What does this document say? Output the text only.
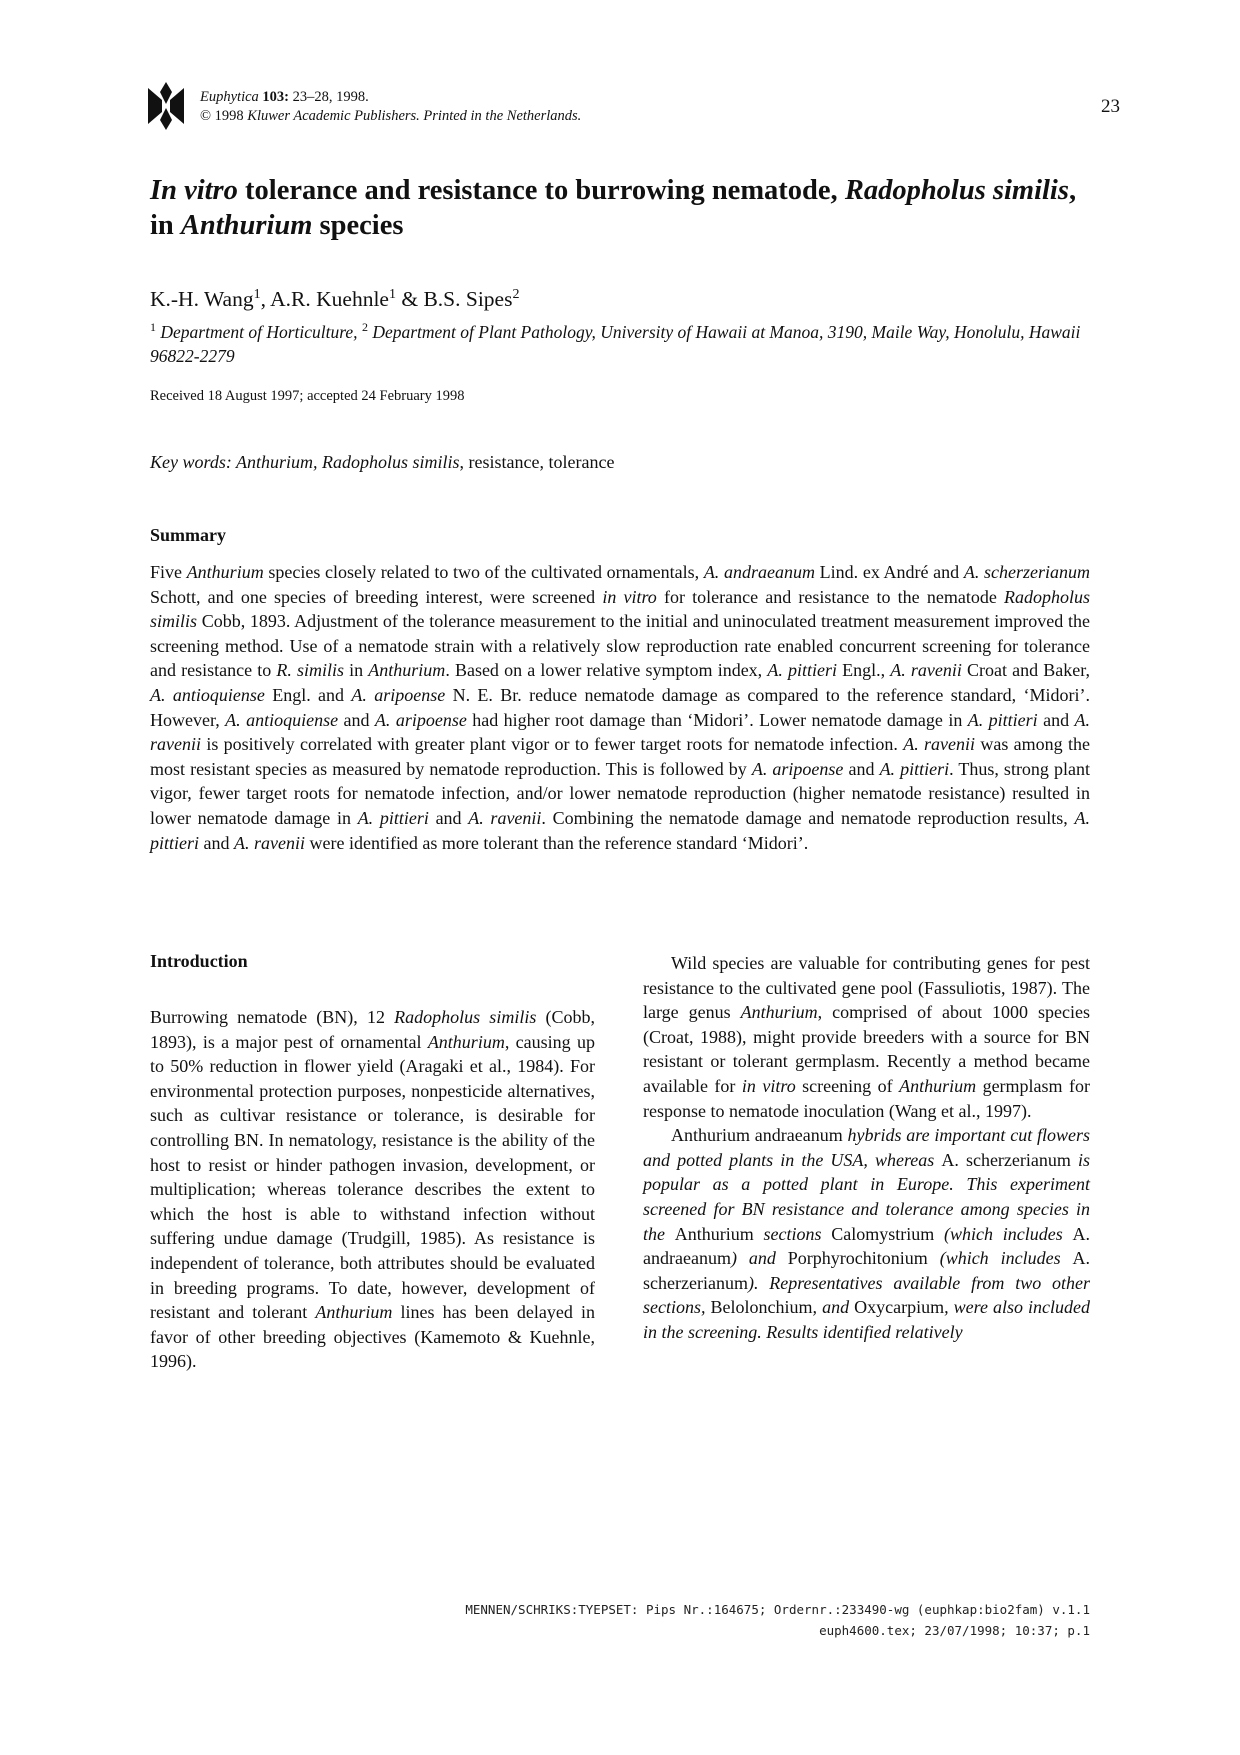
Euphytica 103: 23–28, 1998.
© 1998 Kluwer Academic Publishers. Printed in the Netherlands.	23
In vitro tolerance and resistance to burrowing nematode, Radopholus similis, in Anthurium species
K.-H. Wang$^1$, A.R. Kuehnle$^1$ & B.S. Sipes$^2$
$^1$ Department of Horticulture, $^2$ Department of Plant Pathology, University of Hawaii at Manoa, 3190, Maile Way, Honolulu, Hawaii 96822-2279
Received 18 August 1997; accepted 24 February 1998
Key words: Anthurium, Radopholus similis, resistance, tolerance
Summary

Five Anthurium species closely related to two of the cultivated ornamentals, A. andraeanum Lind. ex André and A. scherzerianum Schott, and one species of breeding interest, were screened in vitro for tolerance and resistance to the nematode Radopholus similis Cobb, 1893. Adjustment of the tolerance measurement to the initial and uninoculated treatment measurement improved the screening method. Use of a nematode strain with a relatively slow reproduction rate enabled concurrent screening for tolerance and resistance to R. similis in Anthurium. Based on a lower relative symptom index, A. pittieri Engl., A. ravenii Croat and Baker, A. antioquiense Engl. and A. aripoense N. E. Br. reduce nematode damage as compared to the reference standard, ‘Midori’. However, A. antioquiense and A. aripoense had higher root damage than ‘Midori’. Lower nematode damage in A. pittieri and A. ravenii is positively correlated with greater plant vigor or to fewer target roots for nematode infection. A. ravenii was among the most resistant species as measured by nematode reproduction. This is followed by A. aripoense and A. pittieri. Thus, strong plant vigor, fewer target roots for nematode infection, and/or lower nematode reproduction (higher nematode resistance) resulted in lower nematode damage in A. pittieri and A. ravenii. Combining the nematode damage and nematode reproduction results, A. pittieri and A. ravenii were identified as more tolerant than the reference standard ‘Midori’.

Introduction

Burrowing nematode (BN), 12 Radopholus similis (Cobb, 1893), is a major pest of ornamental Anthurium, causing up to 50% reduction in flower yield (Aragaki et al., 1984). For environmental protection purposes, nonpesticide alternatives, such as cultivar resistance or tolerance, is desirable for controlling BN. In nematology, resistance is the ability of the host to resist or hinder pathogen invasion, development, or multiplication; whereas tolerance describes the extent to which the host is able to withstand infection without suffering undue damage (Trudgill, 1985). As resistance is independent of tolerance, both attributes should be evaluated in breeding programs. To date, however, development of resistant and tolerant Anthurium lines has been delayed in favor of other breeding objectives (Kamemoto & Kuehnle, 1996).

Wild species are valuable for contributing genes for pest resistance to the cultivated gene pool (Fassuliotis, 1987). The large genus Anthurium, comprised of about 1000 species (Croat, 1988), might provide breeders with a source for BN resistant or tolerant germplasm. Recently a method became available for in vitro screening of Anthurium germplasm for response to nematode inoculation (Wang et al., 1997).

Anthurium andraeanum hybrids are important cut flowers and potted plants in the USA, whereas A. scherzerianum is popular as a potted plant in Europe. This experiment screened for BN resistance and tolerance among species in the Anthurium sections Calomystrium (which includes A. andraeanum) and Porphyrochitonium (which includes A. scherzerianum). Representatives available from two other sections, Belolonchium, and Oxycarpium, were also included in the screening. Results identified relatively

MENNEN/SCHRIKS:TYEPSET: Pips Nr.:164675; Ordernr.:233490-wg (euphkap:bio2fam) v.1.1
euph4600.tex; 23/07/1998; 10:37; p.1
